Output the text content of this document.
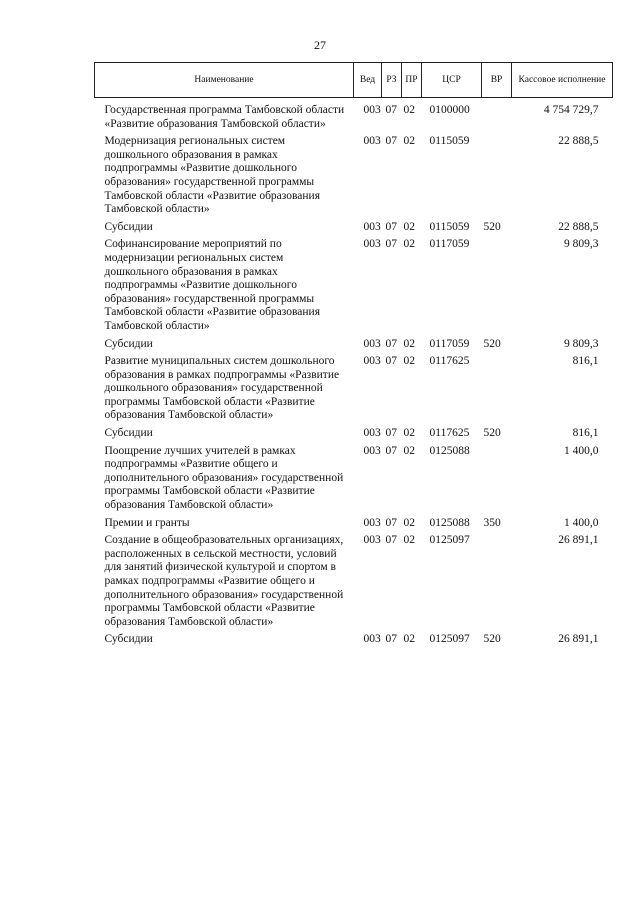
27
Наименование	Вед	РЗ	ПР	ЦСР	ВР	Кассовое исполнение
Государственная программа Тамбовской области «Развитие образования Тамбовской области»	003	07	02	0100000		4 754 729,7
Модернизация региональных систем дошкольного образования в рамках подпрограммы «Развитие дошкольного образования» государственной программы Тамбовской области «Развитие образования Тамбовской области»	003	07	02	0115059		22 888,5
Субсидии	003	07	02	0115059	520	22 888,5
Софинансирование мероприятий по модернизации региональных систем дошкольного образования в рамках подпрограммы «Развитие дошкольного образования» государственной программы Тамбовской области «Развитие образования Тамбовской области»	003	07	02	0117059		9 809,3
Субсидии	003	07	02	0117059	520	9 809,3
Развитие муниципальных систем дошкольного образования в рамках подпрограммы «Развитие дошкольного образования» государственной программы Тамбовской области «Развитие образования Тамбовской области»	003	07	02	0117625		816,1
Субсидии	003	07	02	0117625	520	816,1
Поощрение лучших учителей в рамках подпрограммы «Развитие общего и дополнительного образования» государственной программы Тамбовской области «Развитие образования Тамбовской области»	003	07	02	0125088		1 400,0
Премии и гранты	003	07	02	0125088	350	1 400,0
Создание в общеобразовательных организациях, расположенных в сельской местности, условий для занятий физической культурой и спортом в рамках подпрограммы «Развитие общего и дополнительного образования» государственной программы Тамбовской области «Развитие образования Тамбовской области»	003	07	02	0125097		26 891,1
Субсидии	003	07	02	0125097	520	26 891,1
